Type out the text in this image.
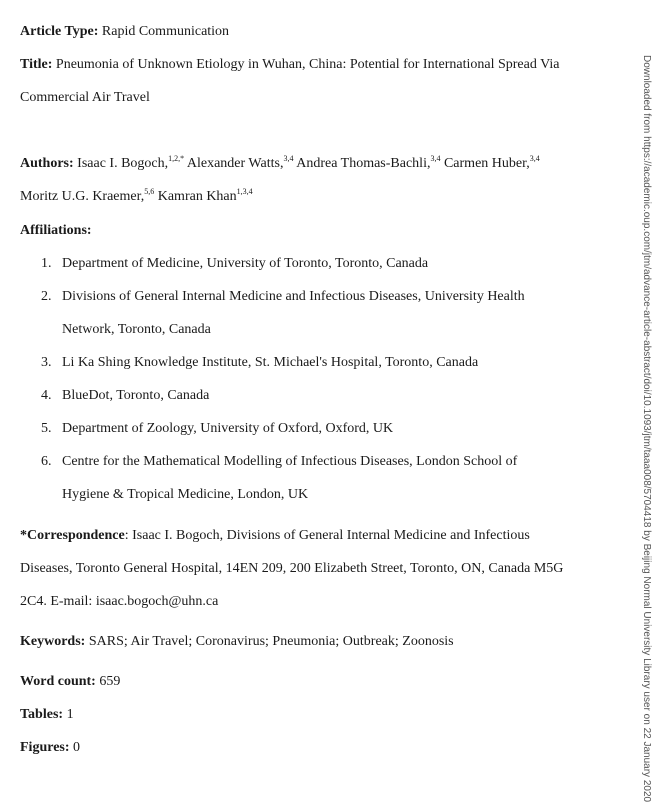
Article Type: Rapid Communication
Title: Pneumonia of Unknown Etiology in Wuhan, China: Potential for International Spread Via
Commercial Air Travel
Authors: Isaac I. Bogoch,$^{1,2,*}$ Alexander Watts,$^{3,4}$ Andrea Thomas-Bachli,$^{3,4}$ Carmen Huber,$^{3,4}$
Moritz U.G. Kraemer,$^{5,6}$ Kamran Khan$^{1,3,4}$
Affiliations:
1. Department of Medicine, University of Toronto, Toronto, Canada
2. Divisions of General Internal Medicine and Infectious Diseases, University Health
Network, Toronto, Canada
3. Li Ka Shing Knowledge Institute, St. Michael's Hospital, Toronto, Canada
4. BlueDot, Toronto, Canada
5. Department of Zoology, University of Oxford, Oxford, UK
6. Centre for the Mathematical Modelling of Infectious Diseases, London School of
Hygiene & Tropical Medicine, London, UK
*Correspondence: Isaac I. Bogoch, Divisions of General Internal Medicine and Infectious
Diseases, Toronto General Hospital, 14EN 209, 200 Elizabeth Street, Toronto, ON, Canada M5G
2C4. E-mail: isaac.bogoch@uhn.ca
Keywords: SARS; Air Travel; Coronavirus; Pneumonia; Outbreak; Zoonosis
Word count: 659
Tables: 1
Figures: 0	Downloaded from https://academic.oup.com/jtm/advance-article-abstract/doi/10.1093/jtm/taaa008/5704418 by Beijing Normal University Library user on 22 January 2020
